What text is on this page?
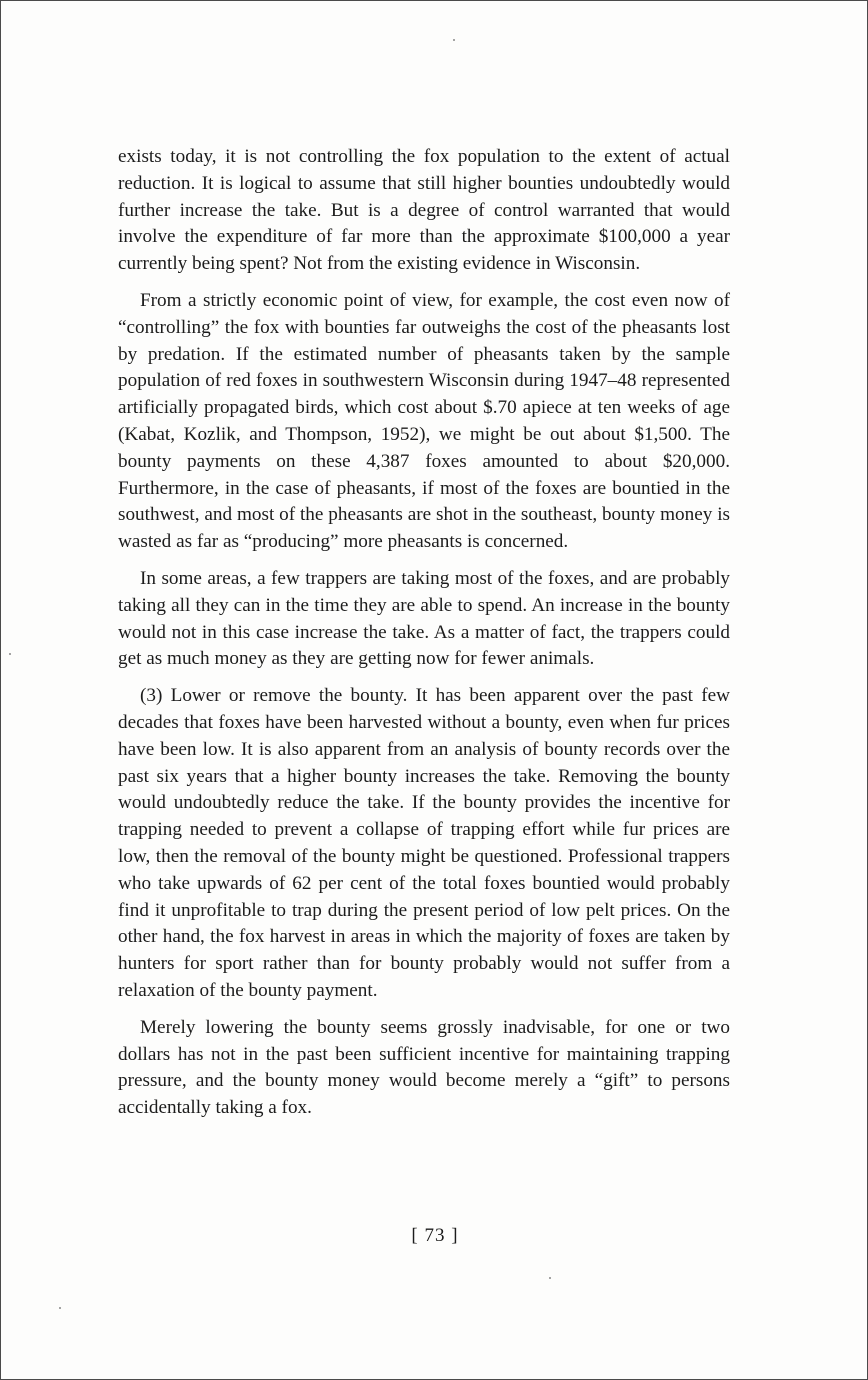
exists today, it is not controlling the fox population to the extent of actual reduction. It is logical to assume that still higher bounties undoubtedly would further increase the take. But is a degree of control warranted that would involve the expenditure of far more than the approximate $100,000 a year currently being spent? Not from the existing evidence in Wisconsin.

From a strictly economic point of view, for example, the cost even now of “controlling” the fox with bounties far outweighs the cost of the pheasants lost by predation. If the estimated number of pheasants taken by the sample population of red foxes in southwestern Wisconsin during 1947–48 represented artificially propagated birds, which cost about $.70 apiece at ten weeks of age (Kabat, Kozlik, and Thompson, 1952), we might be out about $1,500. The bounty payments on these 4,387 foxes amounted to about $20,000. Furthermore, in the case of pheasants, if most of the foxes are bountied in the southwest, and most of the pheasants are shot in the southeast, bounty money is wasted as far as “producing” more pheasants is concerned.

In some areas, a few trappers are taking most of the foxes, and are probably taking all they can in the time they are able to spend. An increase in the bounty would not in this case increase the take. As a matter of fact, the trappers could get as much money as they are getting now for fewer animals.

(3) Lower or remove the bounty. It has been apparent over the past few decades that foxes have been harvested without a bounty, even when fur prices have been low. It is also apparent from an analysis of bounty records over the past six years that a higher bounty increases the take. Removing the bounty would undoubtedly reduce the take. If the bounty provides the incentive for trapping needed to prevent a collapse of trapping effort while fur prices are low, then the removal of the bounty might be questioned. Professional trappers who take upwards of 62 per cent of the total foxes bountied would probably find it unprofitable to trap during the present period of low pelt prices. On the other hand, the fox harvest in areas in which the majority of foxes are taken by hunters for sport rather than for bounty probably would not suffer from a relaxation of the bounty payment.

Merely lowering the bounty seems grossly inadvisable, for one or two dollars has not in the past been sufficient incentive for maintaining trapping pressure, and the bounty money would become merely a “gift” to persons accidentally taking a fox.

[ 73 ]
